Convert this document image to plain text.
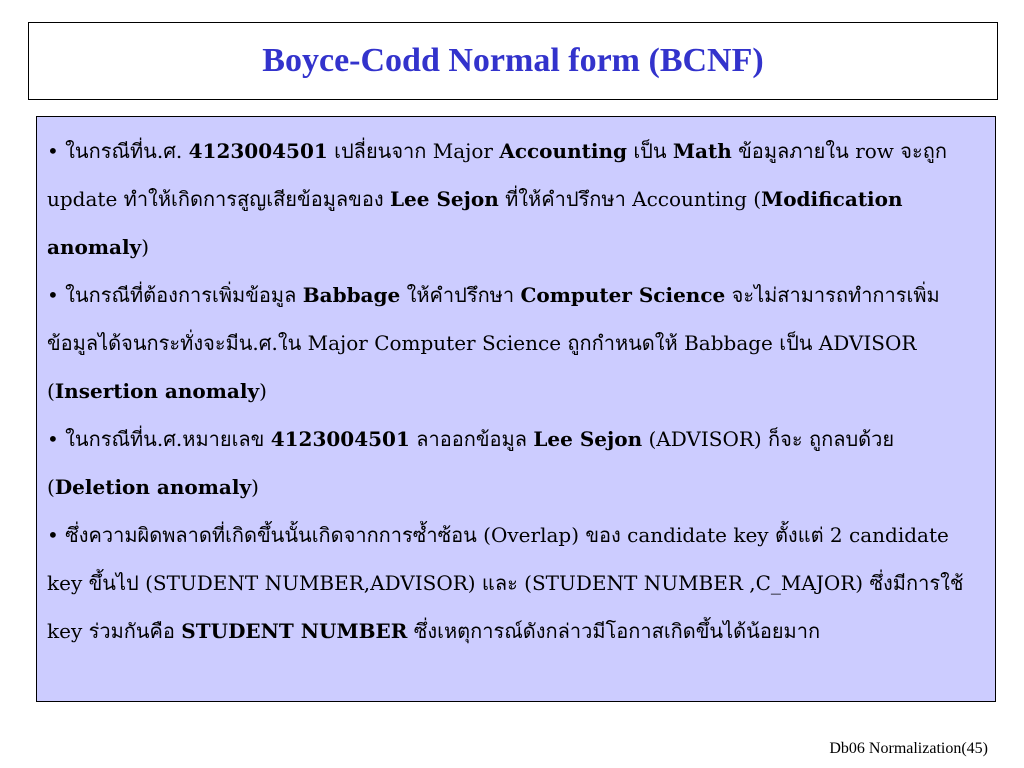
Boyce-Codd Normal form (BCNF)

• ในกรณีที่น.ศ. 4123004501 เปลี่ยนจาก Major Accounting เป็น Math ข้อมูลภายใน row จะถูก update ทำให้เกิดการสูญเสียข้อมูลของ Lee Sejon ที่ให้คำปรึกษา Accounting (Modification anomaly)

• ในกรณีที่ต้องการเพิ่มข้อมูล Babbage ให้คำปรึกษา Computer Science จะไม่สามารถทำการเพิ่มข้อมูลได้จนกระทั่งจะมีน.ศ.ใน Major Computer Science ถูกกำหนดให้ Babbage เป็น ADVISOR (Insertion anomaly)

• ในกรณีที่น.ศ.หมายเลข 4123004501 ลาออกข้อมูล Lee Sejon (ADVISOR) ก็จะ ถูกลบด้วย (Deletion anomaly)

• ซึ่งความผิดพลาดที่เกิดขึ้นนั้นเกิดจากการซ้ำซ้อน (Overlap) ของ candidate key ตั้งแต่ 2 candidate key ขึ้นไป (STUDENT NUMBER,ADVISOR) และ (STUDENT NUMBER ,C_MAJOR) ซึ่งมีการใช้ key ร่วมกันคือ STUDENT NUMBER ซึ่งเหตุการณ์ดังกล่าวมีโอกาสเกิดขึ้นได้น้อยมาก

Db06 Normalization(45)
